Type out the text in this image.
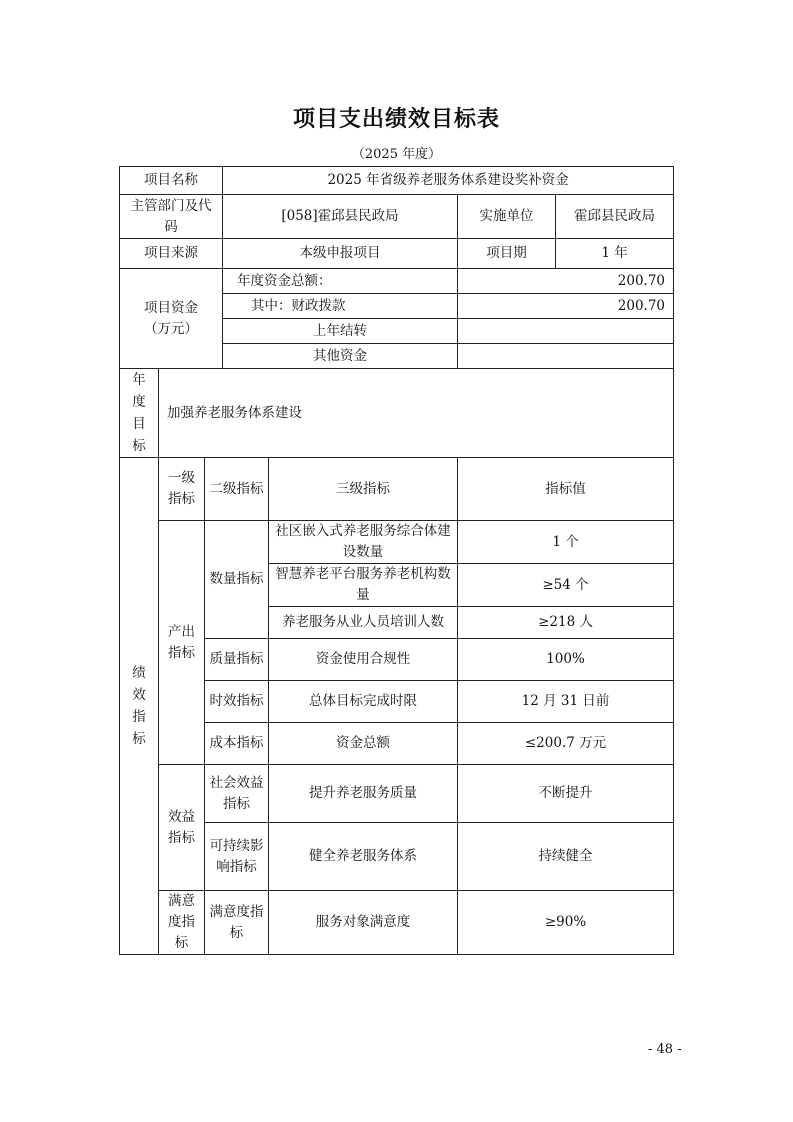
项目支出绩效目标表
（2025 年度）
项目名称			2025 年省级养老服务体系建设奖补资金			
主管部门及代码			[058]霍邱县民政局		实施单位	霍邱县民政局
项目来源			本级申报项目		项目期	1 年

项目资金
（万元）			年度资金总额：		200.70	
			其中：财政拨款		200.70	
			上年结转			
			其他资金			
年度目标	加强养老服务体系建设					
绩效指标	一级指标	二级指标		三级指标	指标值	
	产出指标	数量指标		社区嵌入式养老服务综合体建设数量	1 个	
				智慧养老平台服务养老机构数量	≥54 个	
				养老服务从业人员培训人数	≥218 人	
		质量指标		资金使用合规性	100%	
		时效指标		总体目标完成时限	12 月 31 日前	
		成本指标		资金总额	≤200.7 万元	
	效益指标	社会效益指标		提升养老服务质量	不断提升	
		可持续影响指标		健全养老服务体系	持续健全	
	满意度指标	满意度指标		服务对象满意度	≥90%	
- 48 -
